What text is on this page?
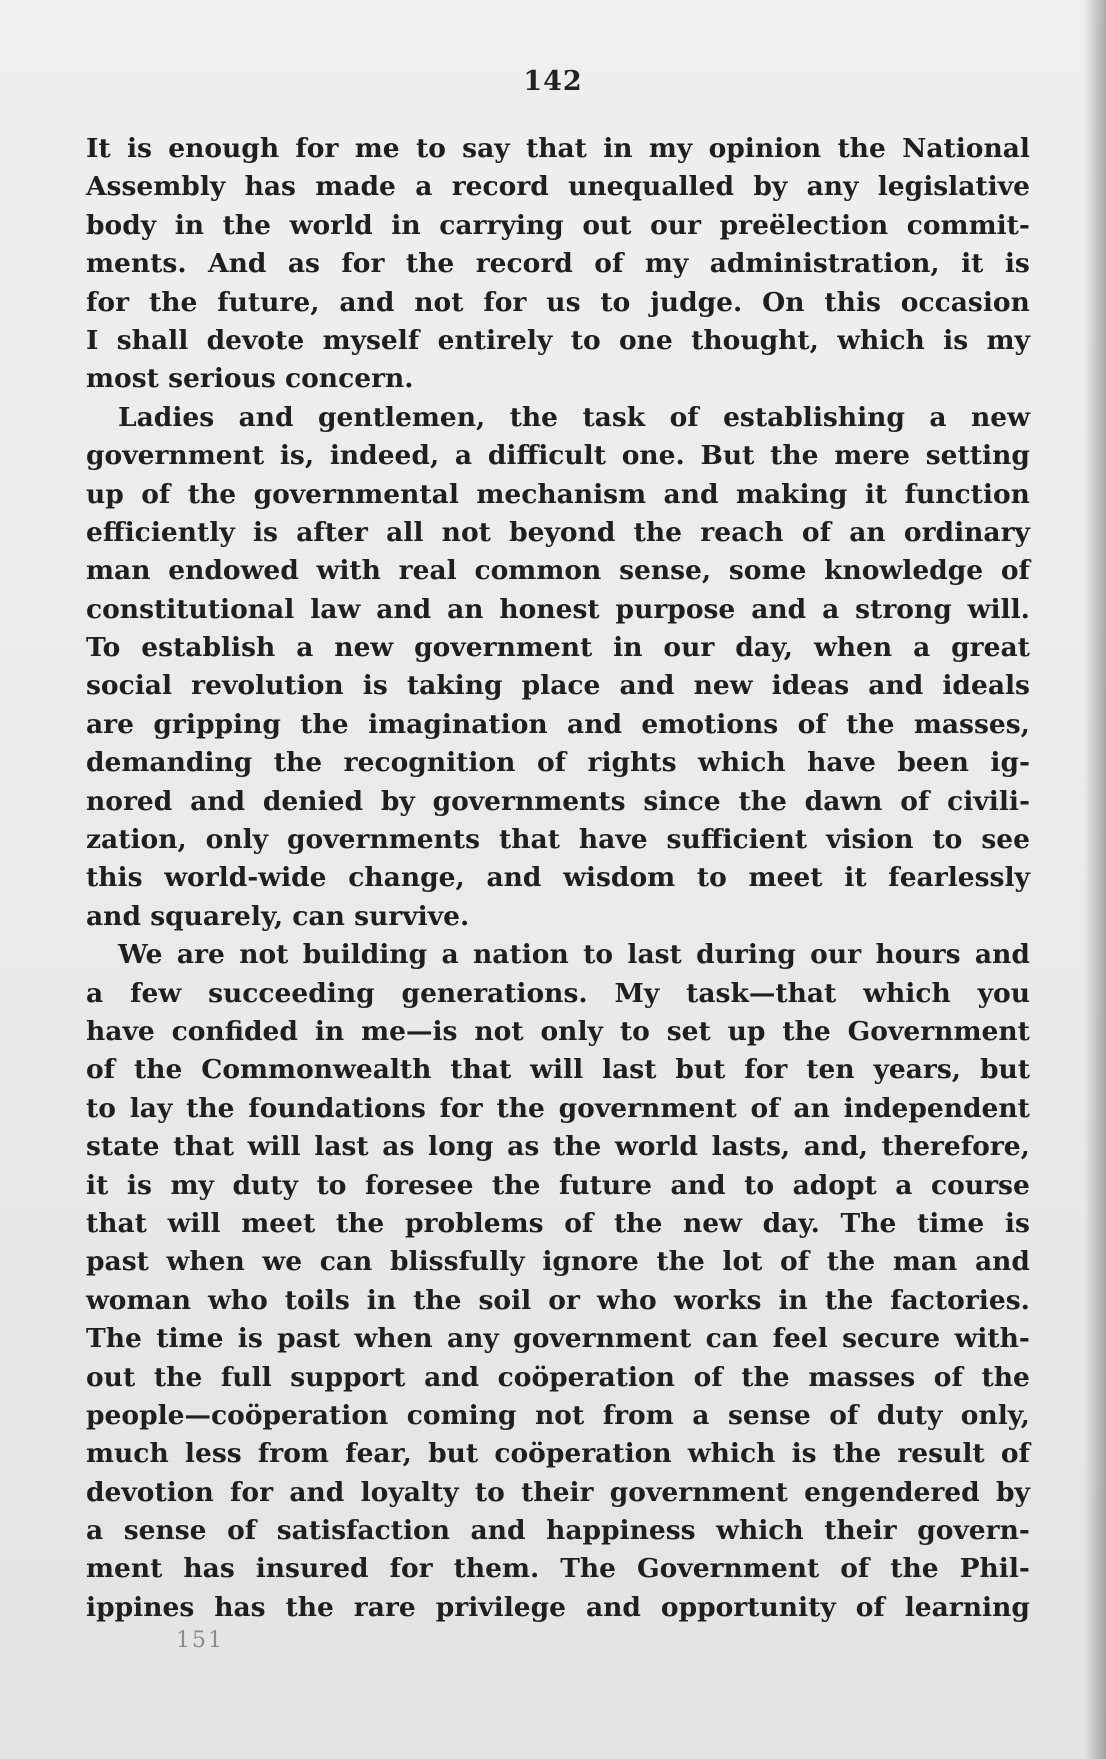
142
It is enough for me to say that in my opinion the National
Assembly has made a record unequalled by any legislative
body in the world in carrying out our preëlection commit-
ments. And as for the record of my administration, it is
for the future, and not for us to judge. On this occasion
I shall devote myself entirely to one thought, which is my
most serious concern.
Ladies and gentlemen, the task of establishing a new
government is, indeed, a difficult one. But the mere setting
up of the governmental mechanism and making it function
efficiently is after all not beyond the reach of an ordinary
man endowed with real common sense, some knowledge of
constitutional law and an honest purpose and a strong will.
To establish a new government in our day, when a great
social revolution is taking place and new ideas and ideals
are gripping the imagination and emotions of the masses,
demanding the recognition of rights which have been ig-
nored and denied by governments since the dawn of civili-
zation, only governments that have sufficient vision to see
this world-wide change, and wisdom to meet it fearlessly
and squarely, can survive.
We are not building a nation to last during our hours and
a few succeeding generations. My task—that which you
have confided in me—is not only to set up the Government
of the Commonwealth that will last but for ten years, but
to lay the foundations for the government of an independent
state that will last as long as the world lasts, and, therefore,
it is my duty to foresee the future and to adopt a course
that will meet the problems of the new day. The time is
past when we can blissfully ignore the lot of the man and
woman who toils in the soil or who works in the factories.
The time is past when any government can feel secure with-
out the full support and coöperation of the masses of the
people—coöperation coming not from a sense of duty only,
much less from fear, but coöperation which is the result of
devotion for and loyalty to their government engendered by
a sense of satisfaction and happiness which their govern-
ment has insured for them. The Government of the Phil-
ippines has the rare privilege and opportunity of learning
151
